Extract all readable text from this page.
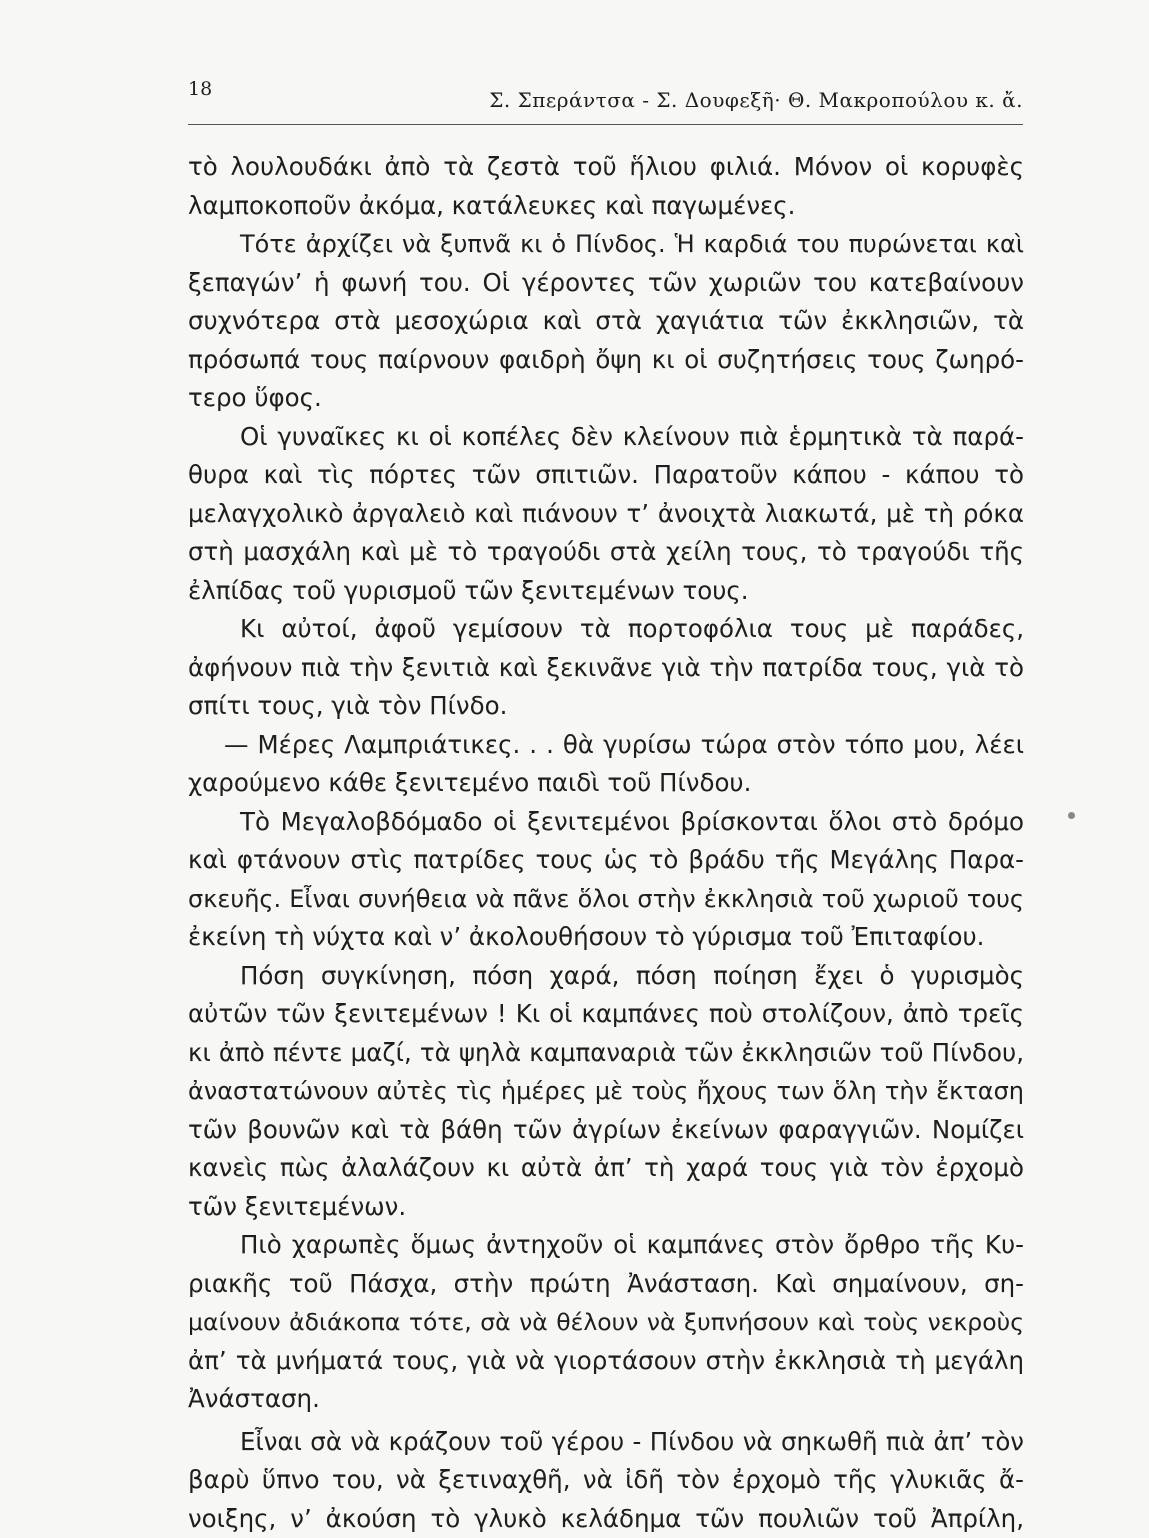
18	Σ. Σπεράντσα - Σ. Δουφεξῆ· Θ. Μακροπούλου κ. ἄ.
τὸ λουλουδάκι ἀπὸ τὰ ζεστὰ τοῦ ἥλιου φιλιά. Μόνον οἱ κορυφὲς
λαμποκοποῦν ἀκόμα, κατάλευκες καὶ παγωμένες.
Τότε ἀρχίζει νὰ ξυπνᾶ κι ὁ Πίνδος. Ἡ καρδιά του πυρώνεται καὶ
ξεπαγών’ ἡ φωνή του. Οἱ γέροντες τῶν χωριῶν του κατεβαίνουν
συχνότερα στὰ μεσοχώρια καὶ στὰ χαγιάτια τῶν ἐκκλησιῶν, τὰ
πρόσωπά τους παίρνουν φαιδρὴ ὄψη κι οἱ συζητήσεις τους ζωηρό-
τερο ὕφος.
Οἱ γυναῖκες κι οἱ κοπέλες δὲν κλείνουν πιὰ ἑρμητικὰ τὰ παρά-
θυρα καὶ τὶς πόρτες τῶν σπιτιῶν. Παρατοῦν κάπου - κάπου τὸ
μελαγχολικὸ ἀργαλειὸ καὶ πιάνουν τ’ ἀνοιχτὰ λιακωτά, μὲ τὴ ρόκα
στὴ μασχάλη καὶ μὲ τὸ τραγούδι στὰ χείλη τους, τὸ τραγούδι τῆς
ἐλπίδας τοῦ γυρισμοῦ τῶν ξενιτεμένων τους.
Κι αὐτοί, ἀφοῦ γεμίσουν τὰ πορτοφόλια τους μὲ παράδες,
ἀφήνουν πιὰ τὴν ξενιτιὰ καὶ ξεκινᾶνε γιὰ τὴν πατρίδα τους, γιὰ τὸ
σπίτι τους, γιὰ τὸν Πίνδο.
— Μέρες Λαμπριάτικες. . . θὰ γυρίσω τώρα στὸν τόπο μου, λέει
χαρούμενο κάθε ξενιτεμένο παιδὶ τοῦ Πίνδου.
Τὸ Μεγαλοβδόμαδο οἱ ξενιτεμένοι βρίσκονται ὅλοι στὸ δρόμο
καὶ φτάνουν στὶς πατρίδες τους ὡς τὸ βράδυ τῆς Μεγάλης Παρα-
σκευῆς. Εἶναι συνήθεια νὰ πᾶνε ὅλοι στὴν ἐκκλησιὰ τοῦ χωριοῦ τους
ἐκείνη τὴ νύχτα καὶ ν’ ἀκολουθήσουν τὸ γύρισμα τοῦ Ἐπιταφίου.
Πόση συγκίνηση, πόση χαρά, πόση ποίηση ἔχει ὁ γυρισμὸς
αὐτῶν τῶν ξενιτεμένων ! Κι οἱ καμπάνες ποὺ στολίζουν, ἀπὸ τρεῖς
κι ἀπὸ πέντε μαζί, τὰ ψηλὰ καμπαναριὰ τῶν ἐκκλησιῶν τοῦ Πίνδου,
ἀναστατώνουν αὐτὲς τὶς ἡμέρες μὲ τοὺς ἤχους των ὅλη τὴν ἔκταση
τῶν βουνῶν καὶ τὰ βάθη τῶν ἀγρίων ἐκείνων φαραγγιῶν. Νομίζει
κανεὶς πὼς ἀλαλάζουν κι αὐτὰ ἀπ’ τὴ χαρά τους γιὰ τὸν ἐρχομὸ
τῶν ξενιτεμένων.
Πιὸ χαρωπὲς ὅμως ἀντηχοῦν οἱ καμπάνες στὸν ὄρθρο τῆς Κυ-
ριακῆς τοῦ Πάσχα, στὴν πρώτη Ἀνάσταση. Καὶ σημαίνουν, ση-
μαίνουν ἀδιάκοπα τότε, σὰ νὰ θέλουν νὰ ξυπνήσουν καὶ τοὺς νεκροὺς
ἀπ’ τὰ μνήματά τους, γιὰ νὰ γιορτάσουν στὴν ἐκκλησιὰ τὴ μεγάλη
Ἀνάσταση.
Εἶναι σὰ νὰ κράζουν τοῦ γέρου - Πίνδου νὰ σηκωθῆ πιὰ ἀπ’ τὸν
βαρὺ ὕπνο του, νὰ ξετιναχθῆ, νὰ ἰδῆ τὸν ἐρχομὸ τῆς γλυκιᾶς ἄ-
νοιξης, ν’ ἀκούση τὸ γλυκὸ κελάδημα τῶν πουλιῶν τοῦ Ἀπρίλη,
